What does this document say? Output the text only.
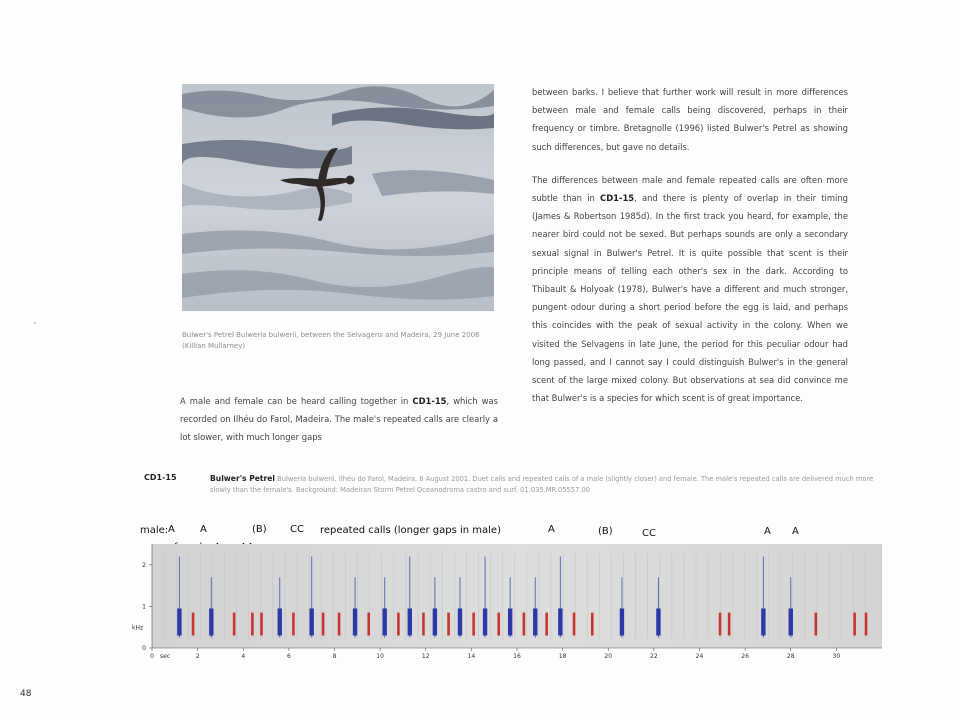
Bulwer's Petrel Bulweria bulwerii, between the Selvagens and Madeira, 29 June 2006 (Killian Mullarney)

A male and female can be heard calling together in CD1-15, which was recorded on Ilhéu do Farol, Madeira. The male's repeated calls are clearly a lot slower, with much longer gaps

between barks. I believe that further work will result in more differences between male and female calls being discovered, perhaps in their frequency or timbre. Bretagnolle (1996) listed Bulwer's Petrel as showing such differences, but gave no details.

The differences between male and female repeated calls are often more subtle than in CD1-15, and there is plenty of overlap in their timing (James & Robertson 1985d). In the first track you heard, for example, the nearer bird could not be sexed. But perhaps sounds are only a secondary sexual signal in Bulwer's Petrel. It is quite possible that scent is their principle means of telling each other's sex in the dark. According to Thibault & Holyoak (1978), Bulwer's have a different and much stronger, pungent odour during a short period before the egg is laid, and perhaps this coincides with the peak of sexual activity in the colony. When we visited the Selvagens in late June, the period for this peculiar odour had long passed, and I cannot say I could distinguish Bulwer's in the general scent of the large mixed colony. But observations at sea did convince me that Bulwer's is a species for which scent is of great importance.

CD1-15	Bulwer's Petrel Bulweria bulwerii. Ilhéu do Farol, Madeira, 8 August 2001. Duet calls and repeated calls of a male (slightly closer) and female. The male's repeated calls are delivered much more slowly than the female's. Background: Madeiran Storm Petrel Oceanodroma castro and surf. 01:035.MR.05557.00
male: A	A	(B) CC repeated calls (longer gaps in male)	A	(B)	CC	A A
0	2	4	6	8	10	12	14	16	18	20	22	24	26	28	30
sec
2
1
0
kHz
48
